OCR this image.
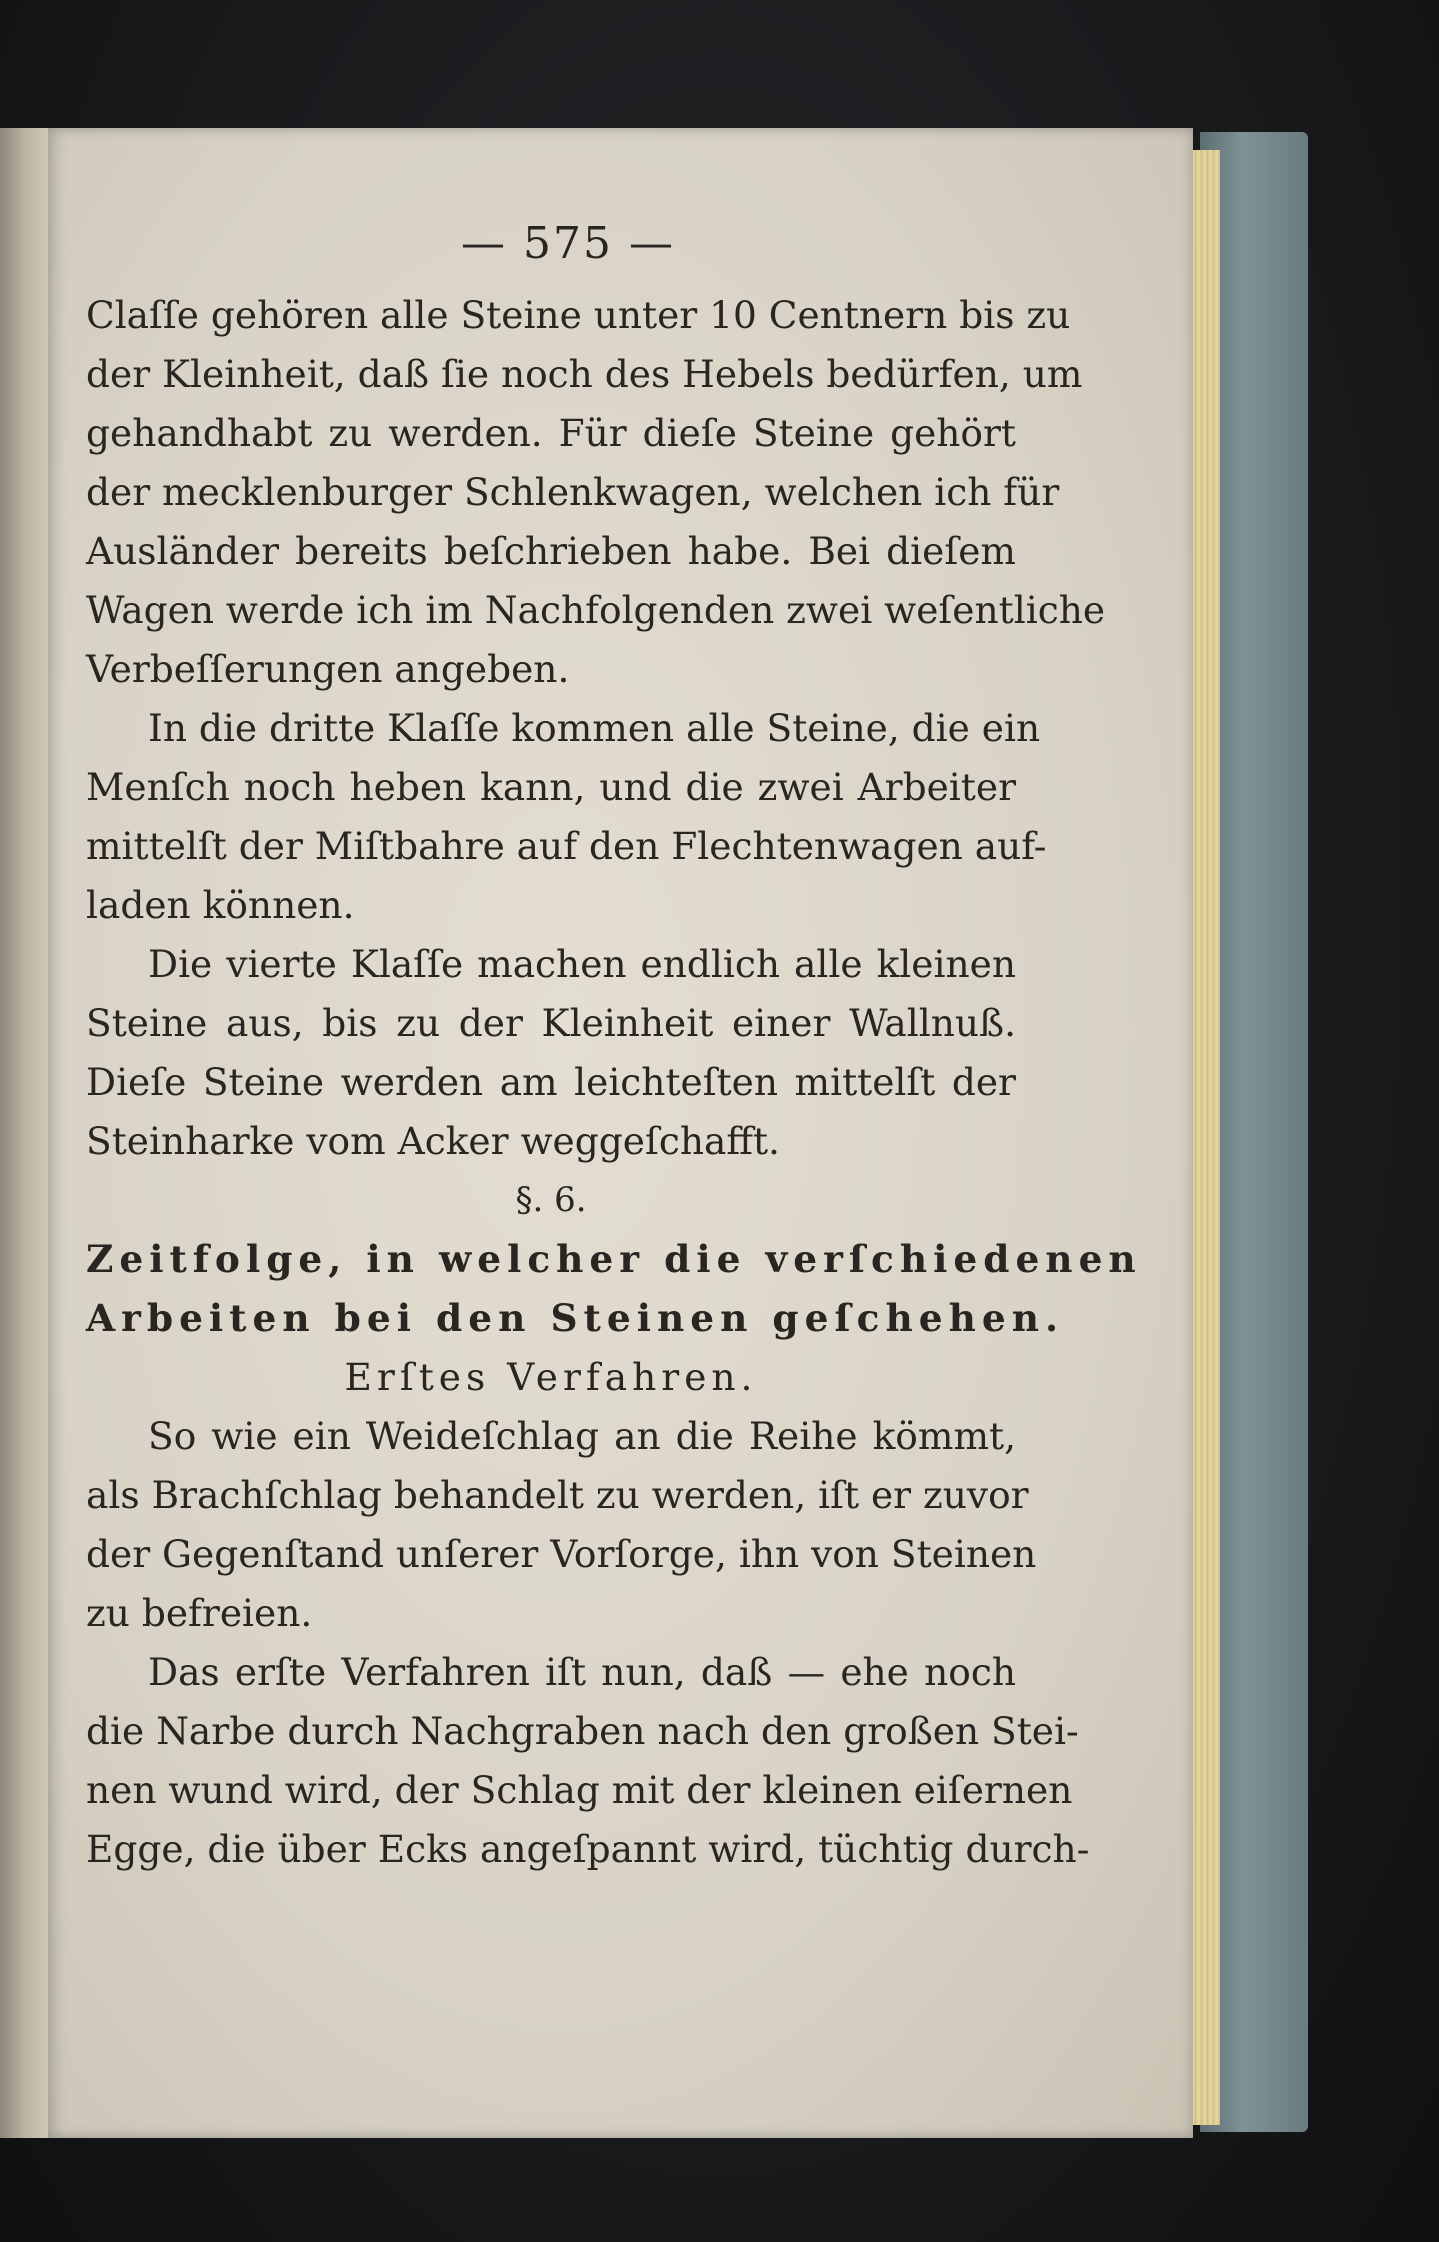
— 575 —
Claſſe gehören alle Steine unter 10 Centnern bis zu
der Kleinheit, daß ſie noch des Hebels bedürfen, um
gehandhabt zu werden. Für dieſe Steine gehört
der mecklenburger Schlenkwagen, welchen ich für
Ausländer bereits beſchrieben habe. Bei dieſem
Wagen werde ich im Nachfolgenden zwei weſentliche
Verbeſſerungen angeben.
In die dritte Klaſſe kommen alle Steine, die ein
Menſch noch heben kann, und die zwei Arbeiter
mittelſt der Miſtbahre auf den Flechtenwagen auf-
laden können.
Die vierte Klaſſe machen endlich alle kleinen
Steine aus, bis zu der Kleinheit einer Wallnuß.
Dieſe Steine werden am leichteſten mittelſt der
Steinharke vom Acker weggeſchafft.
§. 6.
Zeitfolge, in welcher die verſchiedenen
Arbeiten bei den Steinen geſchehen.
Erſtes Verfahren.
So wie ein Weideſchlag an die Reihe kömmt,
als Brachſchlag behandelt zu werden, iſt er zuvor
der Gegenſtand unſerer Vorſorge, ihn von Steinen
zu befreien.
Das erſte Verfahren iſt nun, daß — ehe noch
die Narbe durch Nachgraben nach den großen Stei-
nen wund wird, der Schlag mit der kleinen eiſernen
Egge, die über Ecks angeſpannt wird, tüchtig durch-
